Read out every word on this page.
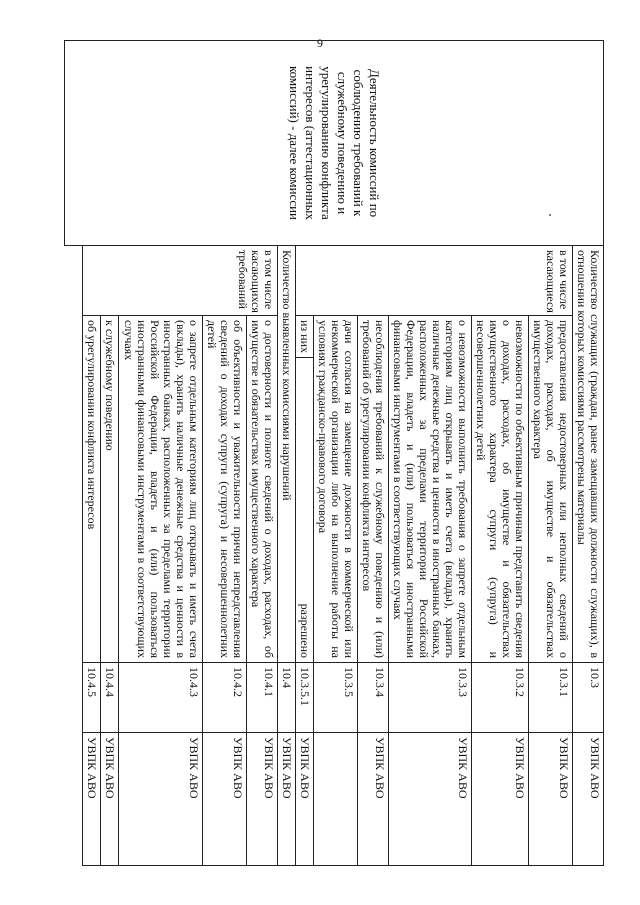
9
Деятельность комиссий по соблюдению требований к служебному поведению и урегулированию конфликта интересов (аттестационных комиссий) - далее комиссии	Количество служащих (граждан, ранее замещавших должности служащих), в отношении которых комиссиями рассмотрены материалы			10.3	УВПК АВО
	в том числе касающиеся	предоставления недостоверных или неполных сведений о доходах, расходах, об имуществе и обязательствах имущественного характера		10.3.1	УВПК АВО
		невозможности по объективным причинам представить сведения о доходах, расходах, об имуществе и обязательствах имущественного характера супруги (супруга) и несовершеннолетних детей		10.3.2	УВПК АВО
		о невозможности выполнить требования о запрете отдельным категориям лиц открывать и иметь счета (вклады), хранить наличные денежные средства и ценности в иностранных банках, расположенных за пределами территории Российской Федерации, владеть и (или) пользоваться иностранными финансовыми инструментами в соответствующих случаях		10.3.3	УВПК АВО
		несоблюдения требований к служебному поведению и (или) требований об урегулировании конфликта интересов		10.3.4	УВПК АВО
		дачи согласия на замещение должности в коммерческой или некоммерческой организации либо на выполнение работы на условиях гражданско-правового договора		10.3.5	
		из них	разрешено	10.3.5.1	УВПК АВО
	Количество выявленных комиссиями нарушений			10.4	УВПК АВО
	в том числе касающихся требований	о достоверности и полноте сведений о доходах, расходах, об имуществе и обязательствах имущественного характера		10.4.1	УВПК АВО
		об объективности и уважительности причин непредставления сведений о доходах супруги (супруга) и несовершеннолетних детей		10.4.2	УВПК АВО
		о запрете отдельным категориям лиц открывать и иметь счета (вклады), хранить наличные денежные средства и ценности в иностранных банках, расположенных за пределами территории Российской Федерации, владеть и (или) пользоваться иностранными финансовыми инструментами в соответствующих случаях		10.4.3	УВПК АВО
		к служебному поведению		10.4.4	УВПК АВО
		об урегулировании конфликта интересов		10.4.5	УВПК АВО
